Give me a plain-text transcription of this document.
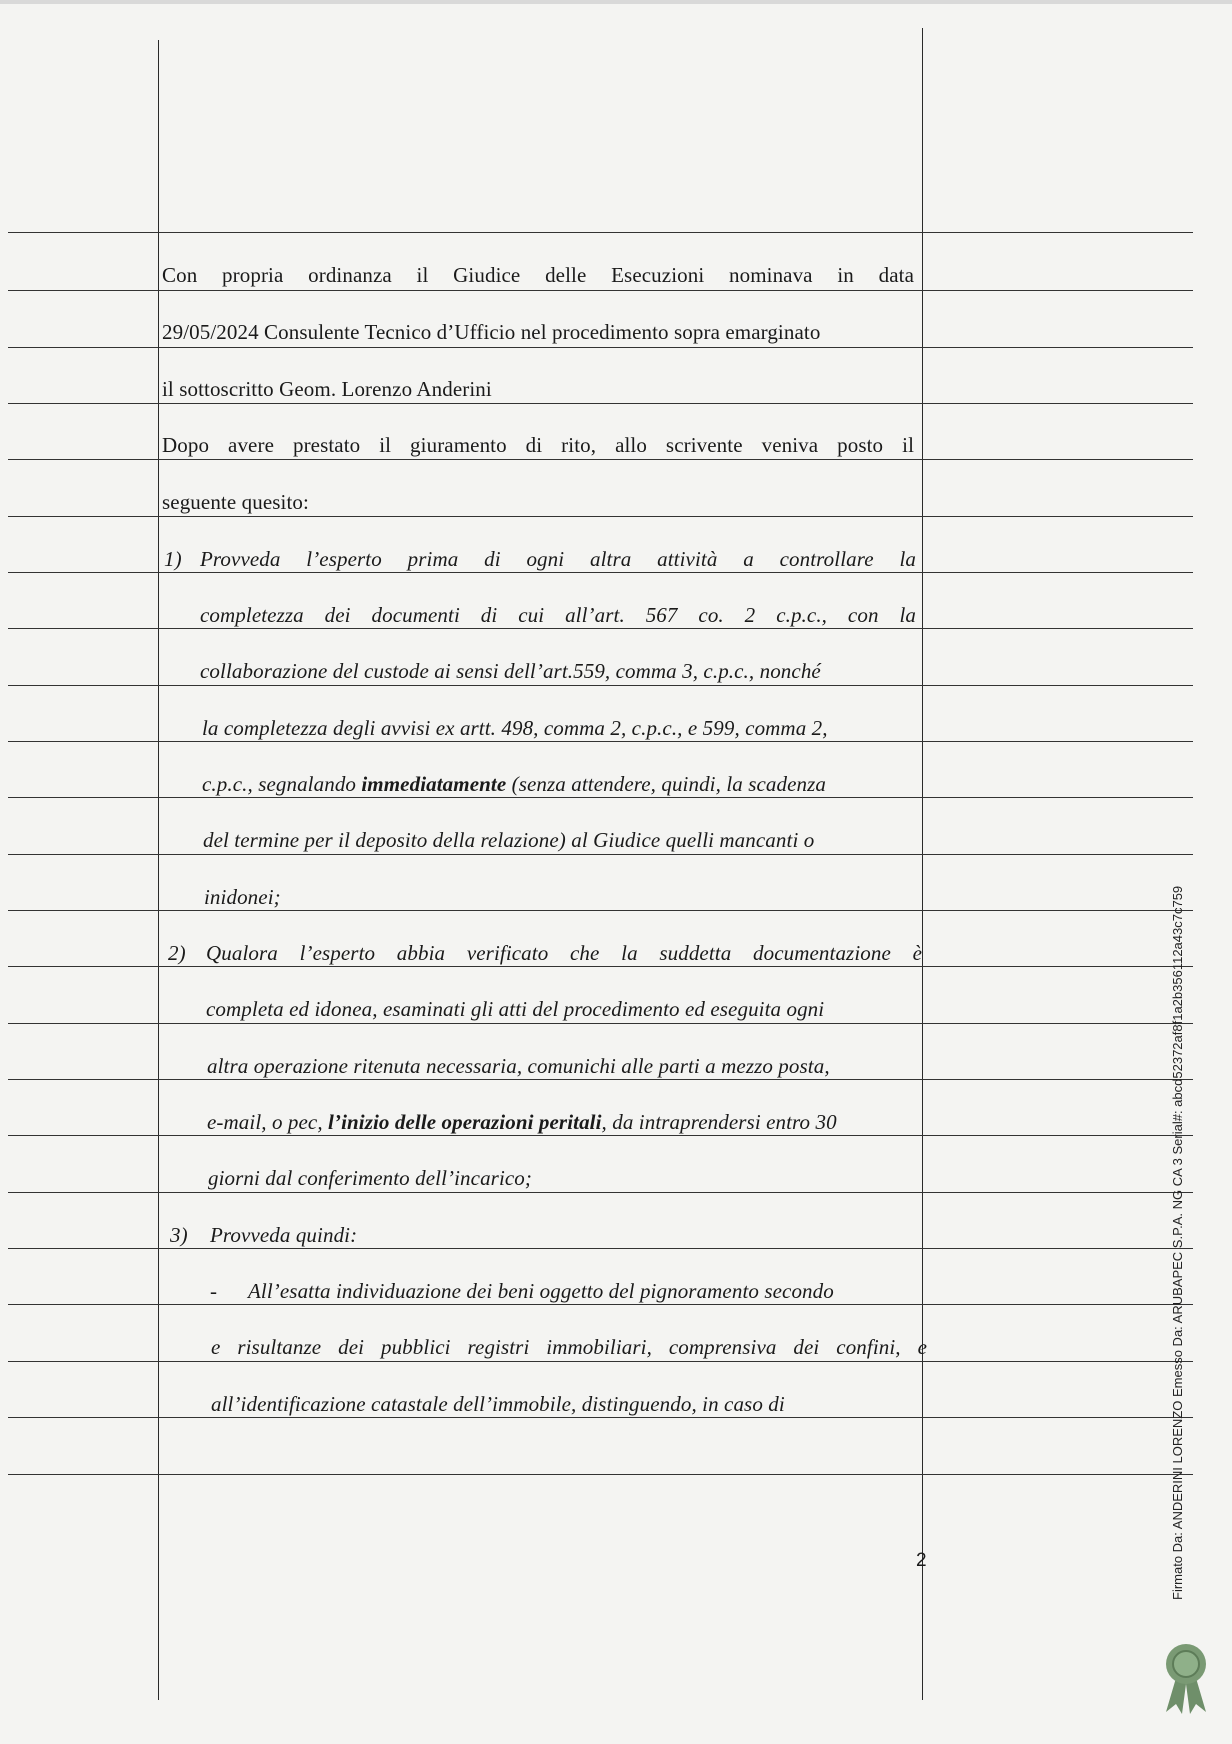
Con propria ordinanza il Giudice delle Esecuzioni nominava in data
29/05/2024 Consulente Tecnico d’Ufficio nel procedimento sopra emarginato
il sottoscritto Geom. Lorenzo Anderini
Dopo avere prestato il giuramento di rito, allo scrivente veniva posto il
seguente quesito:
1) Provveda l’esperto prima di ogni altra attività a controllare la
completezza dei documenti di cui all’art. 567 co. 2 c.p.c., con la
collaborazione del custode ai sensi dell’art.559, comma 3, c.p.c., nonché
la completezza degli avvisi ex artt. 498, comma 2, c.p.c., e 599, comma 2,
c.p.c., segnalando immediatamente (senza attendere, quindi, la scadenza
del termine per il deposito della relazione) al Giudice quelli mancanti o
inidonei;
2) Qualora l’esperto abbia verificato che la suddetta documentazione è
completa ed idonea, esaminati gli atti del procedimento ed eseguita ogni
altra operazione ritenuta necessaria, comunichi alle parti a mezzo posta,
e-mail, o pec, l’inizio delle operazioni peritali, da intraprendersi entro 30
giorni dal conferimento dell’incarico;
3) Provveda quindi:
- All’esatta individuazione dei beni oggetto del pignoramento secondo
e risultanze dei pubblici registri immobiliari, comprensiva dei confini, e
all’identificazione catastale dell’immobile, distinguendo, in caso di
2	Firmato Da: ANDERINI LORENZO Emesso Da: ARUBAPEC S.P.A. NG CA 3 Serial#: abcd52372af8f1a2b356112a43c7c759
